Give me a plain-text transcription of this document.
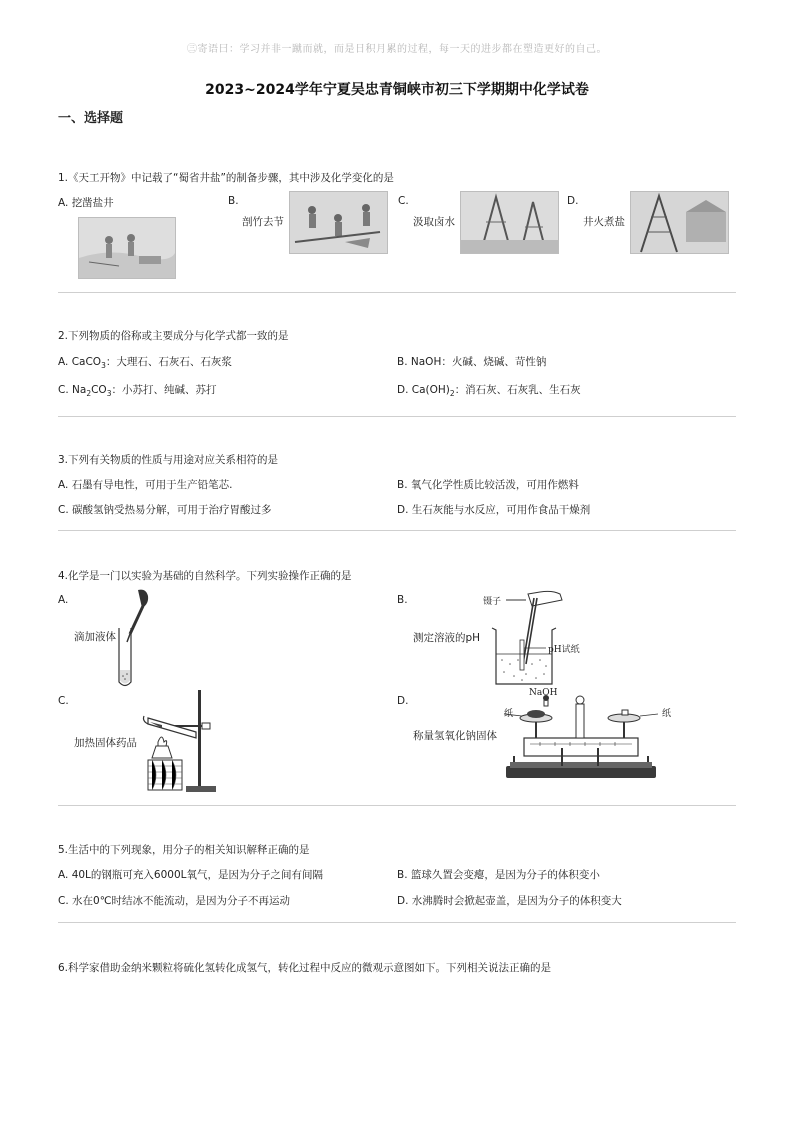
㊂寄语曰：学习并非一蹴而就，而是日积月累的过程，每一天的进步都在塑造更好的自己。
2023~2024学年宁夏吴忠青铜峡市初三下学期期中化学试卷
一、选择题
1.《天工开物》中记载了“蜀省井盐”的制备步骤，其中涉及化学变化的是
A. 挖凿盐井	B.
剖竹去节
C.
汲取卤水
D.
井火煮盐
2.下列物质的俗称或主要成分与化学式都一致的是
A. CaCO$_3$：大理石、石灰石、石灰浆	B. NaOH：火碱、烧碱、苛性钠
C. $Na_2CO_3$：小苏打、纯碱、苏打	D. $Ca(OH)_2$：消石灰、石灰乳、生石灰
3.下列有关物质的性质与用途对应关系相符的是
A. 石墨有导电性，可用于生产铅笔芯.	B. 氧气化学性质比较活泼，可用作燃料
C. 碳酸氢钠受热易分解，可用于治疗胃酸过多	D. 生石灰能与水反应，可用作食品干燥剂
4.化学是一门以实验为基础的自然科学。下列实验操作正确的是
A.
滴加液体
B.
测定溶液的pH
镊子
pH试纸
C.
加热固体药品
D.
称量氢氧化钠固体
NaOH
纸	纸
5.生活中的下列现象，用分子的相关知识解释正确的是
A. 40L的钢瓶可充入6000L氧气，是因为分子之间有间隔	B. 篮球久置会变瘪，是因为分子的体积变小
C. 水在0℃时结冰不能流动，是因为分子不再运动	D. 水沸腾时会掀起壶盖，是因为分子的体积变大
6.科学家借助金纳米颗粒将硫化氢转化成氢气，转化过程中反应的微观示意图如下。下列相关说法正确的是
